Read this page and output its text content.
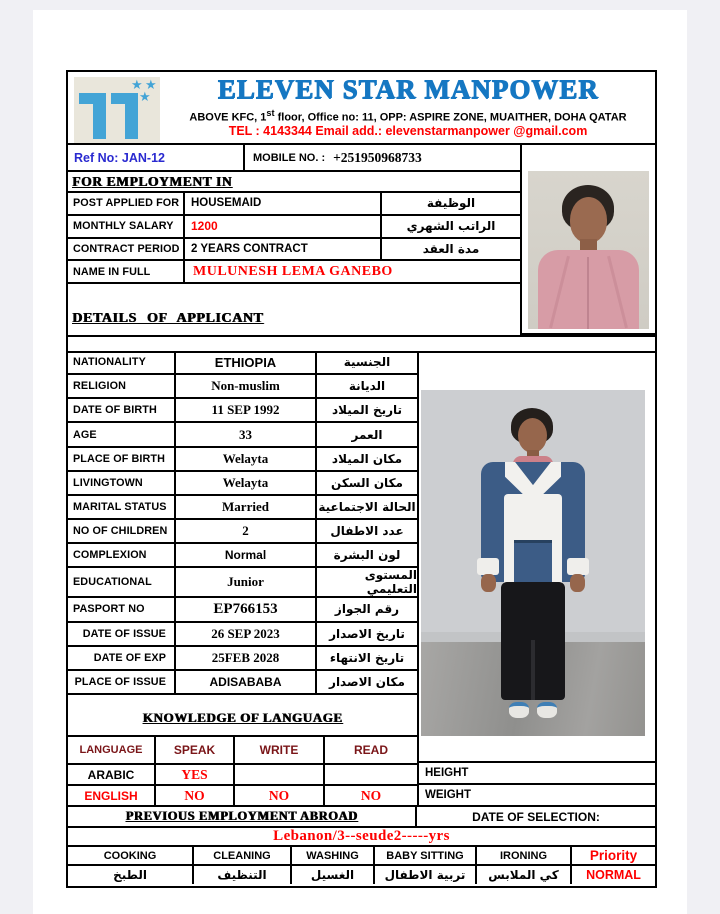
★ ★
★	ELEVEN STAR MANPOWER
ABOVE KFC, 1st floor, Office no: 11, OPP: ASPIRE ZONE, MUAITHER, DOHA QATAR
TEL : 4143344 Email add.: elevenstarmanpower @gmail.com
Ref No: JAN-12	MOBILE NO. : +251950968733
FOR EMPLOYMENT IN
POST APPLIED FOR	HOUSEMAID	الوظيفة
MONTHLY SALARY	1200	الراتب الشهري
CONTRACT PERIOD	2 YEARS CONTRACT	مدة العقد
NAME IN FULL	MULUNESH LEMA GANEBO
DETAILS OF APPLICANT
NATIONALITY	ETHIOPIA	الجنسية
RELIGION	Non-muslim	الديانة
DATE OF BIRTH	11 SEP 1992	تاريخ الميلاد
AGE	33	العمر
PLACE OF BIRTH	Welayta	مكان الميلاد
LIVINGTOWN	Welayta	مكان السكن
MARITAL STATUS	Married	الحالة الاجتماعية
NO OF CHILDREN	2	عدد الاطفال
COMPLEXION	Normal	لون البشرة
EDUCATIONAL	Junior	المستوى التعليمي
PASPORT NO	EP766153	رقم الجواز
DATE OF ISSUE	26 SEP 2023	تاريخ الاصدار
DATE OF EXP	25FEB 2028	تاريخ الانتهاء
PLACE OF ISSUE	ADISABABA	مكان الاصدار
KNOWLEDGE OF LANGUAGE
LANGUAGE	SPEAK	WRITE	READ
ARABIC	YES
ENGLISH	NO	NO	NO
HEIGHT
WEIGHT
PREVIOUS EMPLOYMENT ABROAD	DATE OF SELECTION:
Lebanon/3--seude2-----yrs
COOKING	CLEANING	WASHING	BABY SITTING	IRONING	Priority
الطبخ	التنظيف	الغسيل	تربية الاطفال	كي الملابس	NORMAL
